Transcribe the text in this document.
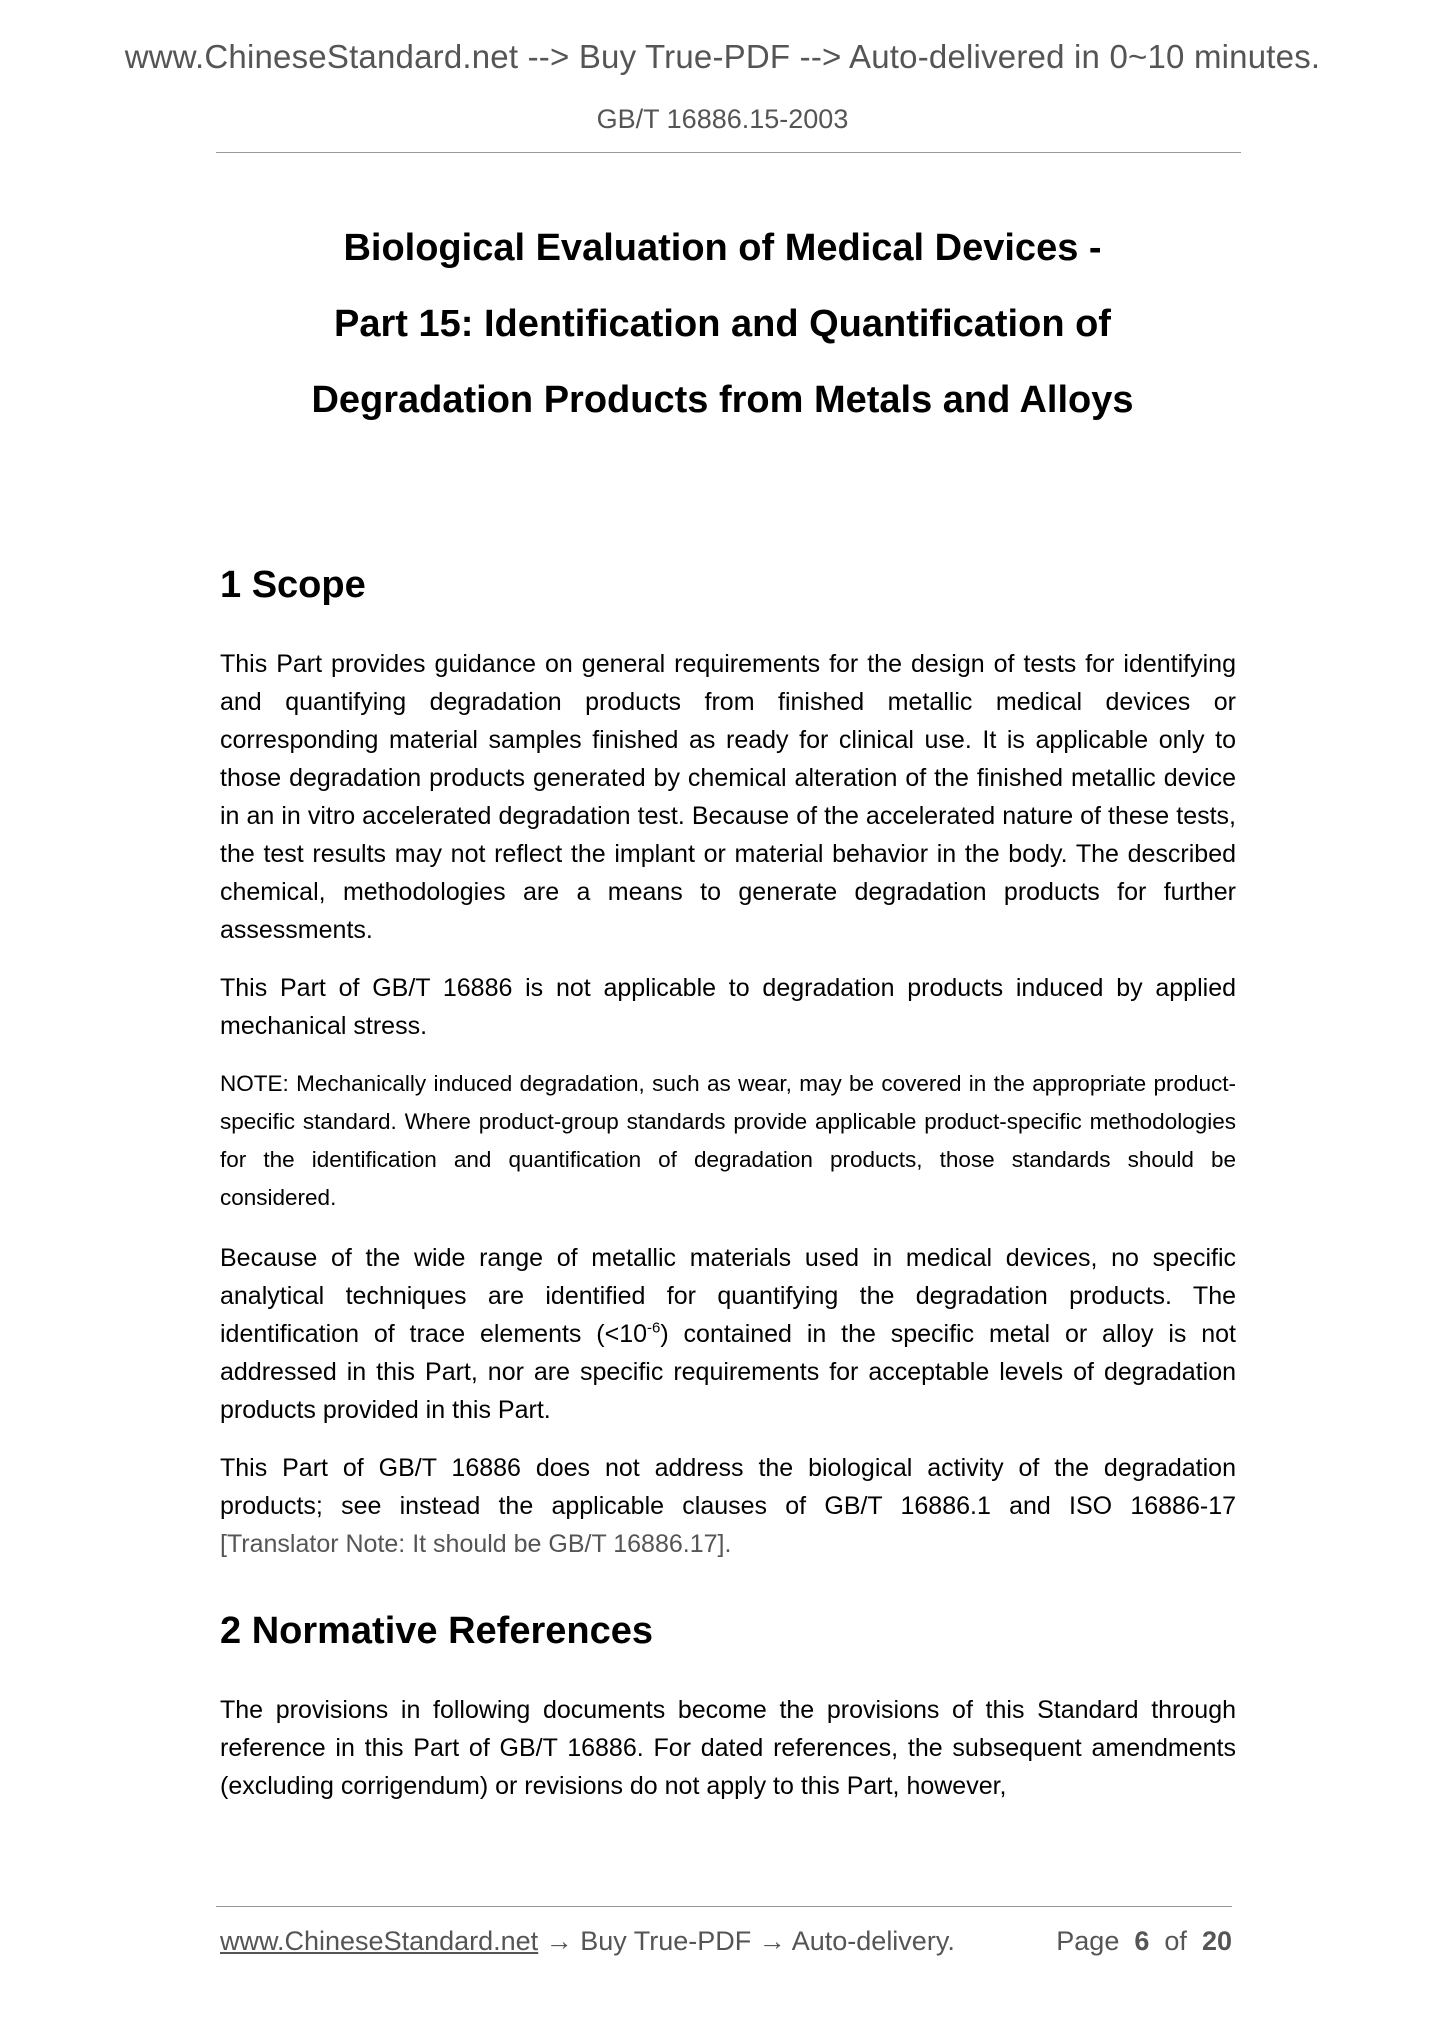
www.ChineseStandard.net --> Buy True-PDF --> Auto-delivered in 0~10 minutes.
GB/T 16886.15-2003
Biological Evaluation of Medical Devices -
Part 15: Identification and Quantification of
Degradation Products from Metals and Alloys
1 Scope

This Part provides guidance on general requirements for the design of tests for identifying and quantifying degradation products from finished metallic medical devices or corresponding material samples finished as ready for clinical use. It is applicable only to those degradation products generated by chemical alteration of the finished metallic device in an in vitro accelerated degradation test. Because of the accelerated nature of these tests, the test results may not reflect the implant or material behavior in the body. The described chemical, methodologies are a means to generate degradation products for further assessments.

This Part of GB/T 16886 is not applicable to degradation products induced by applied mechanical stress.

NOTE: Mechanically induced degradation, such as wear, may be covered in the appropriate product-specific standard. Where product-group standards provide applicable product-specific methodologies for the identification and quantification of degradation products, those standards should be considered.

Because of the wide range of metallic materials used in medical devices, no specific analytical techniques are identified for quantifying the degradation products. The identification of trace elements $(<10^{-6})$ contained in the specific metal or alloy is not addressed in this Part, nor are specific requirements for acceptable levels of degradation products provided in this Part.

This Part of GB/T 16886 does not address the biological activity of the degradation products; see instead the applicable clauses of GB/T 16886.1 and ISO 16886-17 [Translator Note: It should be GB/T 16886.17].

2 Normative References

The provisions in following documents become the provisions of this Standard through reference in this Part of GB/T 16886. For dated references, the subsequent amendments (excluding corrigendum) or revisions do not apply to this Part, however,

www.ChineseStandard.net → Buy True-PDF → Auto-delivery.	Page 6 of 20
